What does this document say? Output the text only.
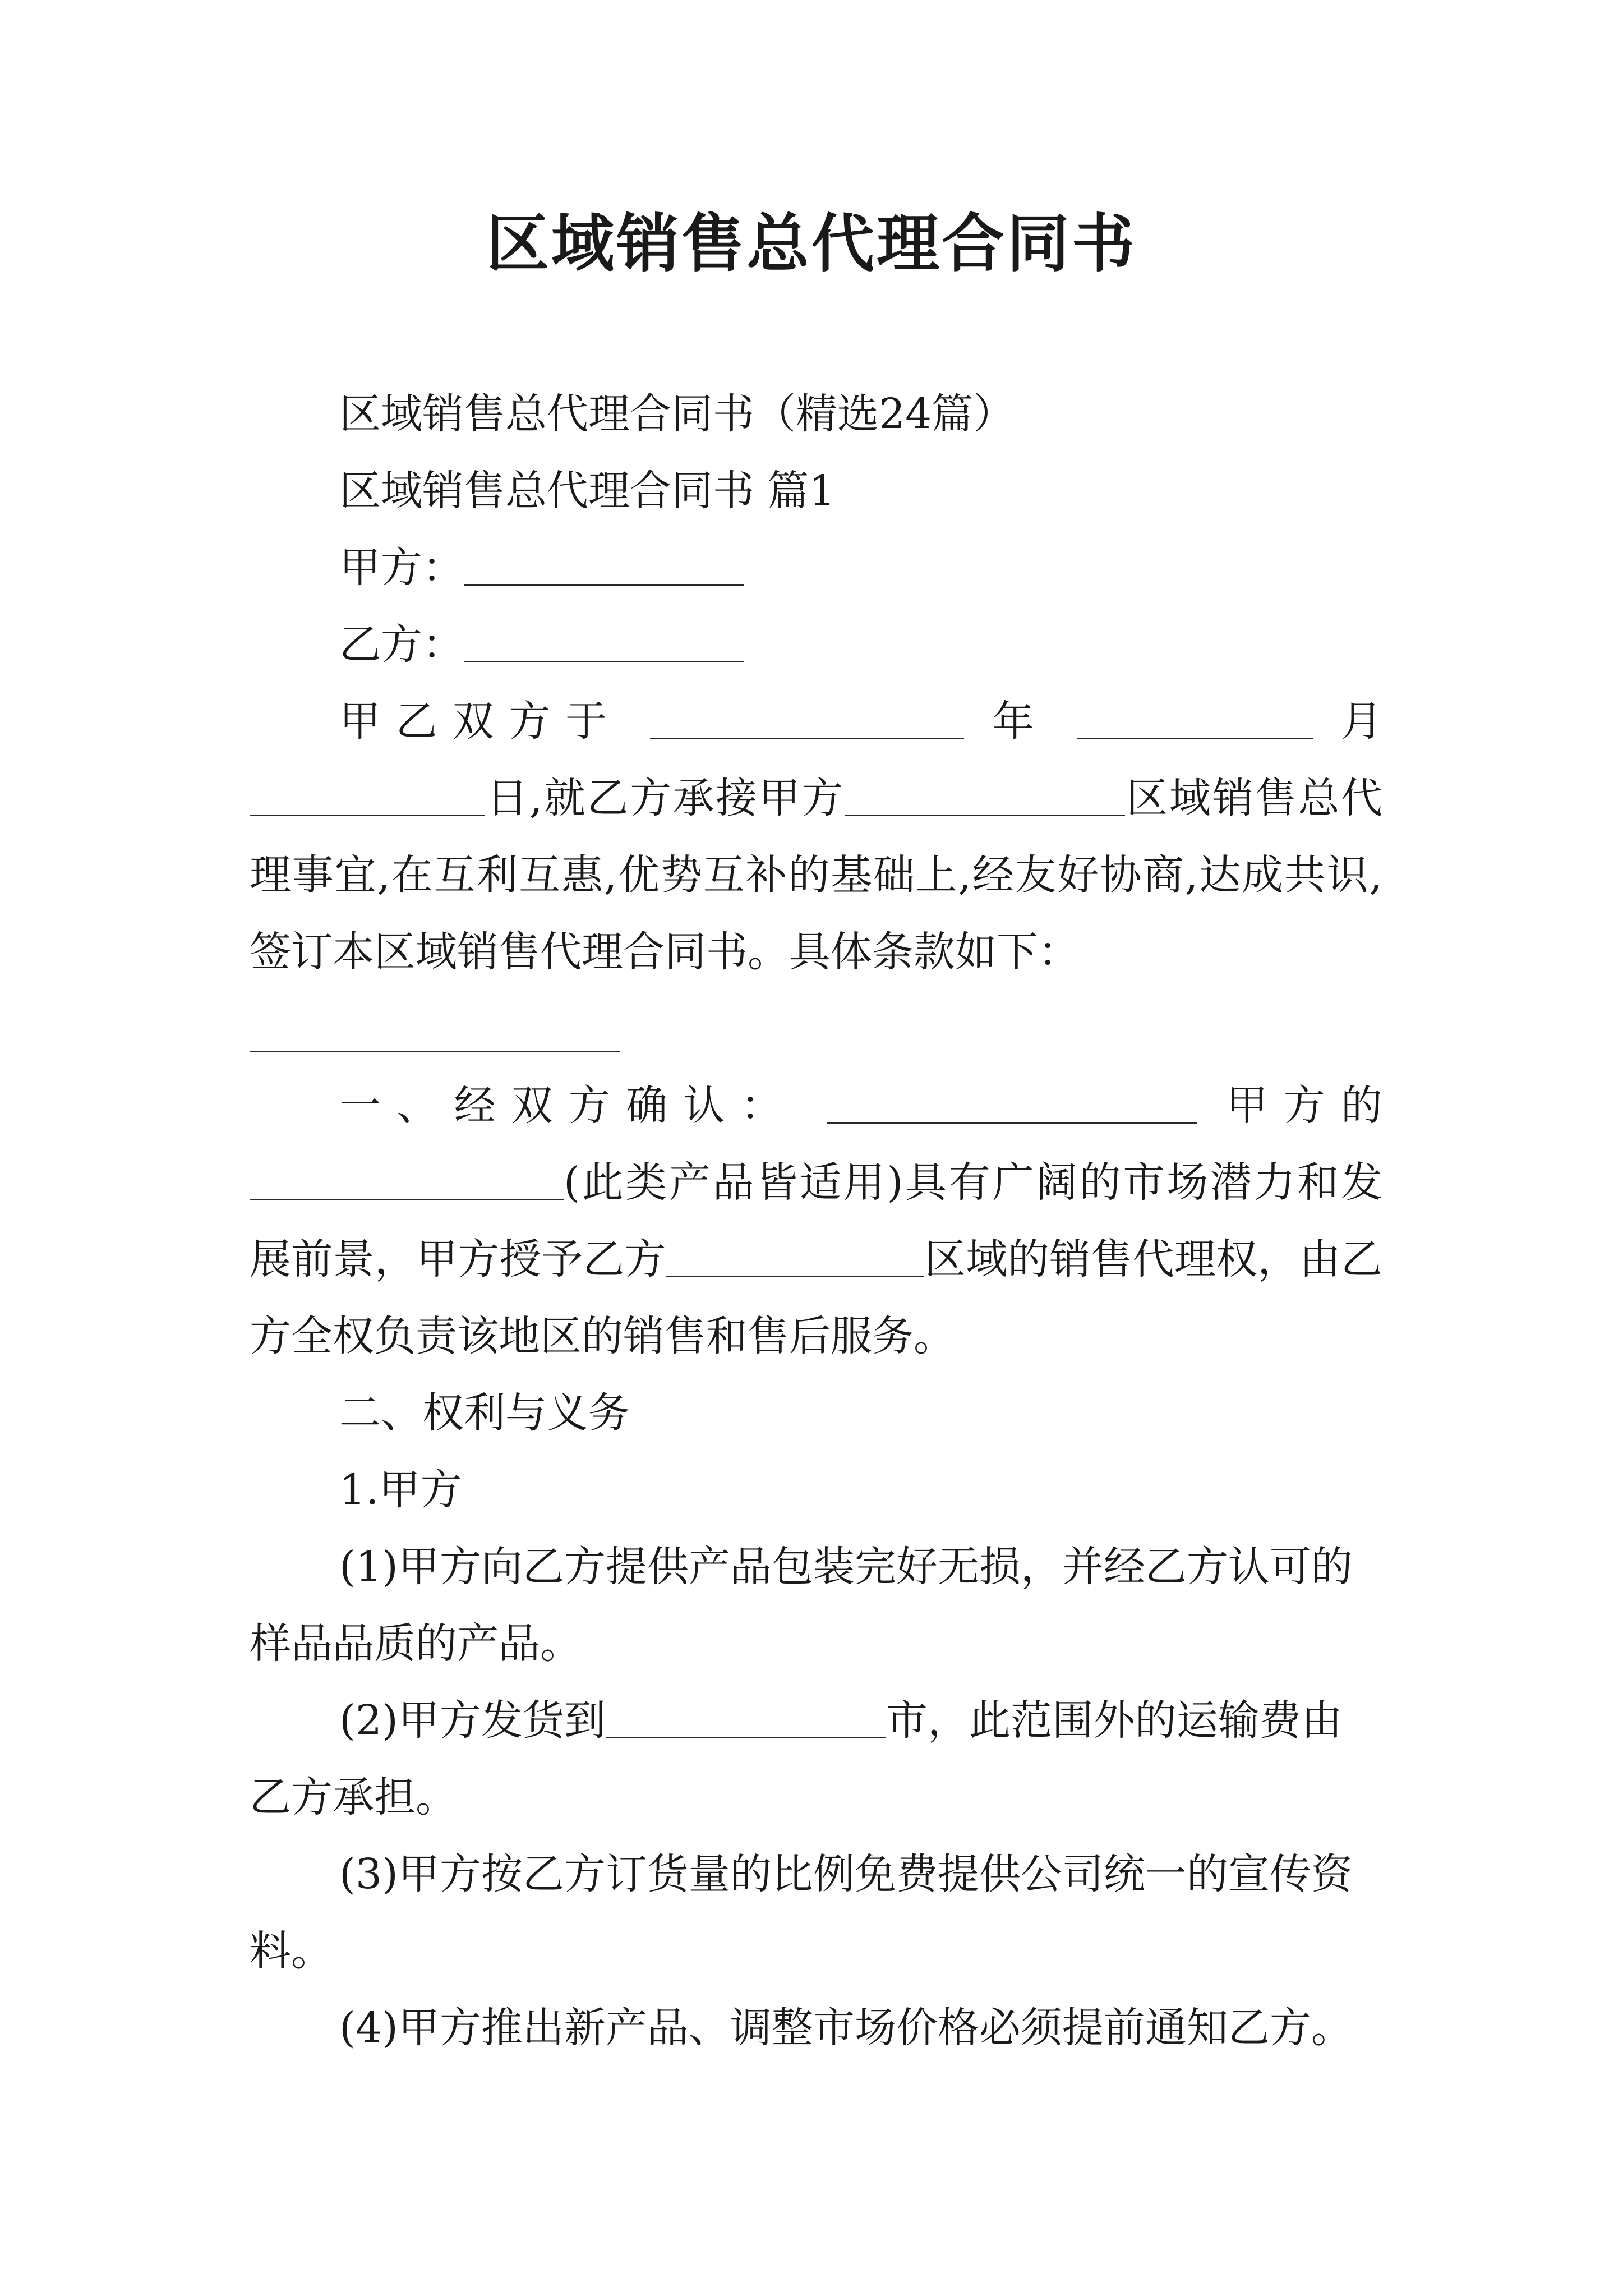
区域销售总代理合同书

区域销售总代理合同书（精选24篇）

区域销售总代理合同书 篇1

甲方：

乙方：

甲乙双方于	年	月

日,就乙方承接甲方	区域销售总代理事宜,在互利互惠,优势互补的基础上,经友好协商,达成共识,签订本区域销售代理合同书。具体条款如下：

一、经双方确认：	甲方的

(此类产品皆适用)具有广阔的市场潜力和发展前景，甲方授予乙方	区域的销售代理权，由乙方全权负责该地区的销售和售后服务。

二、权利与义务

1.甲方

(1)甲方向乙方提供产品包装完好无损，并经乙方认可的样品品质的产品。

(2)甲方发货到	市，此范围外的运输费由乙方承担。

(3)甲方按乙方订货量的比例免费提供公司统一的宣传资料。

(4)甲方推出新产品、调整市场价格必须提前通知乙方。
